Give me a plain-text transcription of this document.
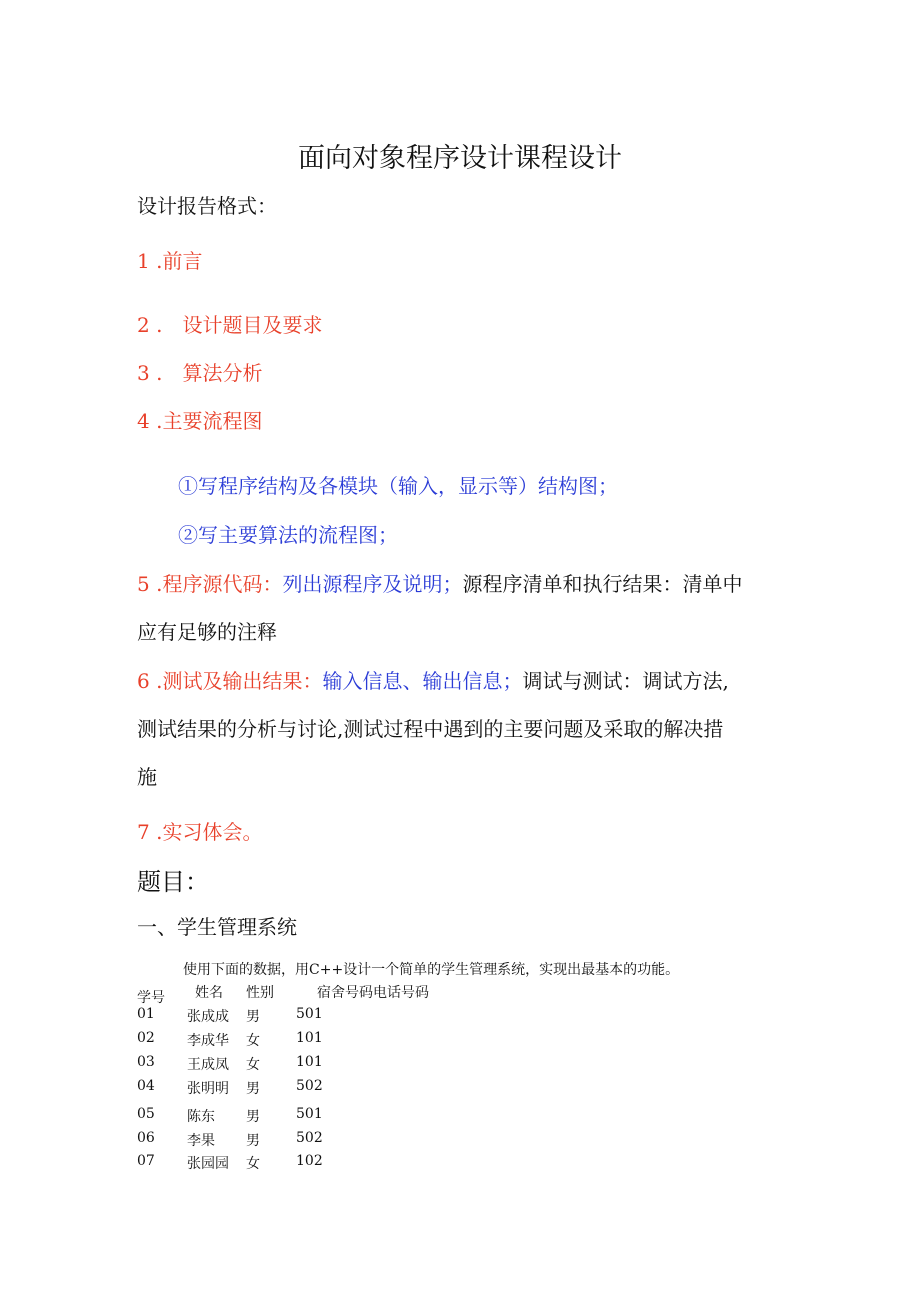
面向对象程序设计课程设计
设计报告格式：
1 .前言
2 .　设计题目及要求
3 .　算法分析
4 .主要流程图
①写程序结构及各模块（输入，显示等）结构图；
②写主要算法的流程图；
5 .程序源代码：列出源程序及说明；源程序清单和执行结果：清单中
应有足够的注释
6 .测试及输出结果：输入信息、输出信息；调试与测试：调试方法,
测试结果的分析与讨论,测试过程中遇到的主要问题及采取的解决措
施
7 .实习体会。
题目：
一、学生管理系统
使用下面的数据，用C++设计一个简单的学生管理系统，实现出最基本的功能。
学号 姓名 性别	宿舍号码电话号码
01 张成成 男	501
02 李成华 女	101
03 王成凤 女	101
04 张明明 男	502
05 陈东 男	501
06 李果 男	502
07 张园园 女	102
